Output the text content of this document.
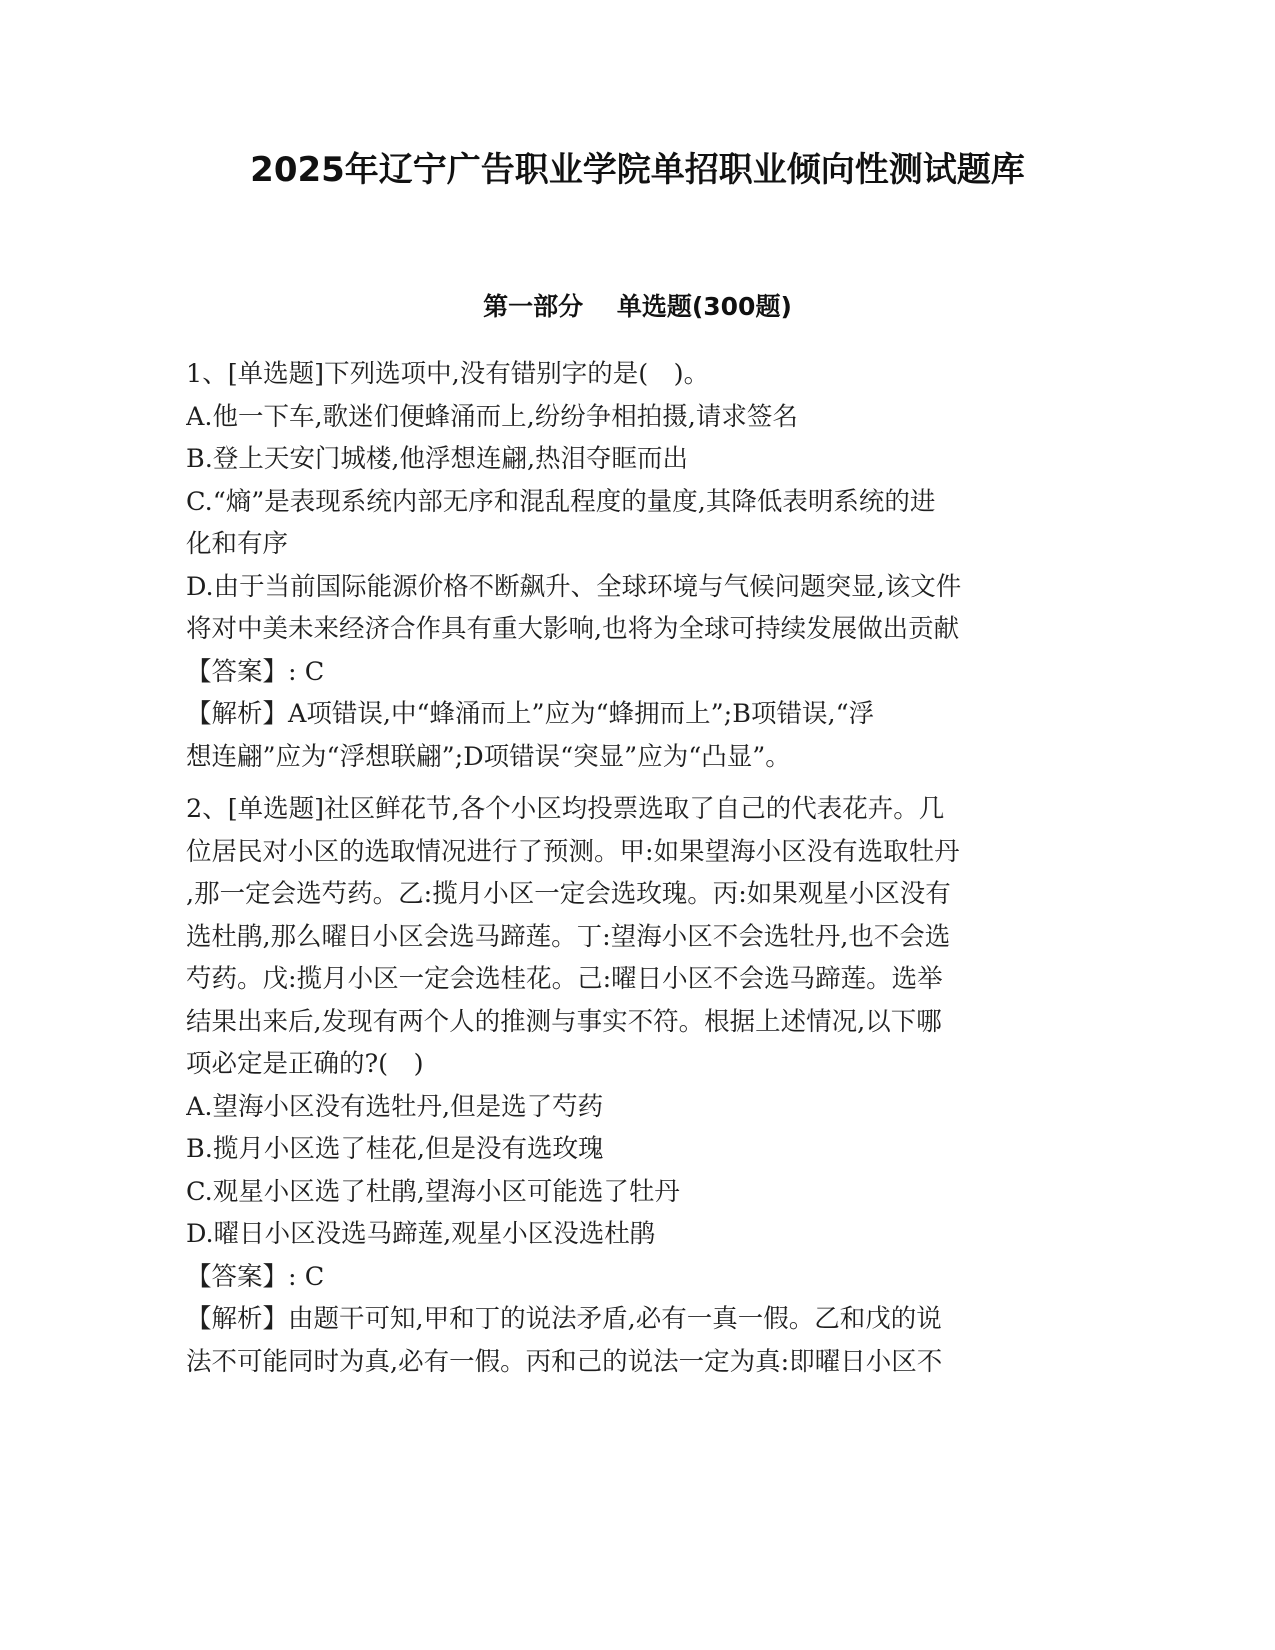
2025年辽宁广告职业学院单招职业倾向性测试题库
第一部分　 单选题(300题)
1、[单选题]下列选项中,没有错别字的是(　)。
A.他一下车,歌迷们便蜂涌而上,纷纷争相拍摄,请求签名
B.登上天安门城楼,他浮想连翩,热泪夺眶而出
C.“熵”是表现系统内部无序和混乱程度的量度,其降低表明系统的进
化和有序
D.由于当前国际能源价格不断飙升、全球环境与气候问题突显,该文件
将对中美未来经济合作具有重大影响,也将为全球可持续发展做出贡献
【答案】: C
【解析】A项错误,中“蜂涌而上”应为“蜂拥而上”;B项错误,“浮
想连翩”应为“浮想联翩”;D项错误“突显”应为“凸显”。
2、[单选题]社区鲜花节,各个小区均投票选取了自己的代表花卉。几
位居民对小区的选取情况进行了预测。甲:如果望海小区没有选取牡丹
,那一定会选芍药。乙:揽月小区一定会选玫瑰。丙:如果观星小区没有
选杜鹃,那么曜日小区会选马蹄莲。丁:望海小区不会选牡丹,也不会选
芍药。戊:揽月小区一定会选桂花。己:曜日小区不会选马蹄莲。选举
结果出来后,发现有两个人的推测与事实不符。根据上述情况,以下哪
项必定是正确的?(　)
A.望海小区没有选牡丹,但是选了芍药
B.揽月小区选了桂花,但是没有选玫瑰
C.观星小区选了杜鹃,望海小区可能选了牡丹
D.曜日小区没选马蹄莲,观星小区没选杜鹃
【答案】: C
【解析】由题干可知,甲和丁的说法矛盾,必有一真一假。乙和戊的说
法不可能同时为真,必有一假。丙和己的说法一定为真:即曜日小区不
